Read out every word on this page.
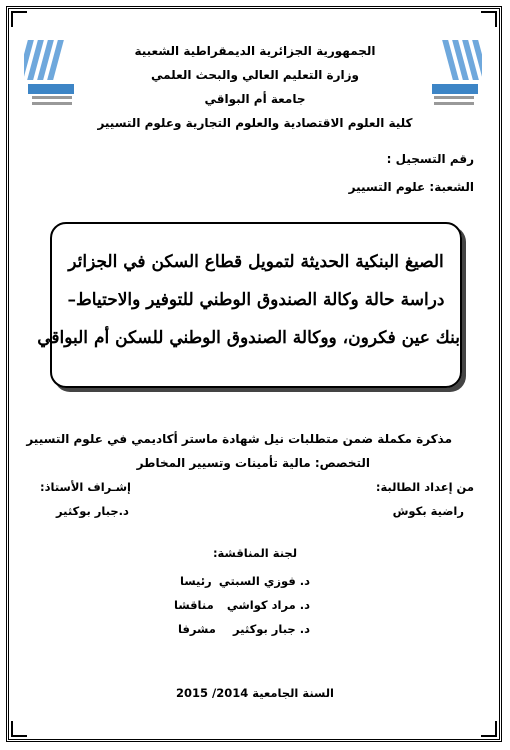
الجمهورية الجزائرية الديمقراطية الشعبية
وزارة التعليم العالي والبحث العلمي
جامعة أم البواقي
كلية العلوم الاقتصادية والعلوم التجارية وعلوم التسيير
رقم التسجيل :
الشعبة: علوم التسيير
الصيغ البنكية الحديثة لتمويل قطاع السكن في الجزائر
دراسة حالة وكالة الصندوق الوطني للتوفير والاحتياط–
بنك عين فكرون، ووكالة الصندوق الوطني للسكن أم البواقي
مذكرة مكملة ضمن متطلبات نيل شهادة ماستر أكاديمي في علوم التسيير
التخصص: مالية تأمينات وتسيير المخاطر
من إعداد الطالبة:
إشـراف الأستاذ:
راضية بكوش
د.جبار بوكثير
لجنة المناقشة:
د. فوزي السبتي
رئيسا
د. مراد كواشي
مناقشا
د. جبار بوكثير
مشرفا
السنة الجامعية 2014/ 2015
